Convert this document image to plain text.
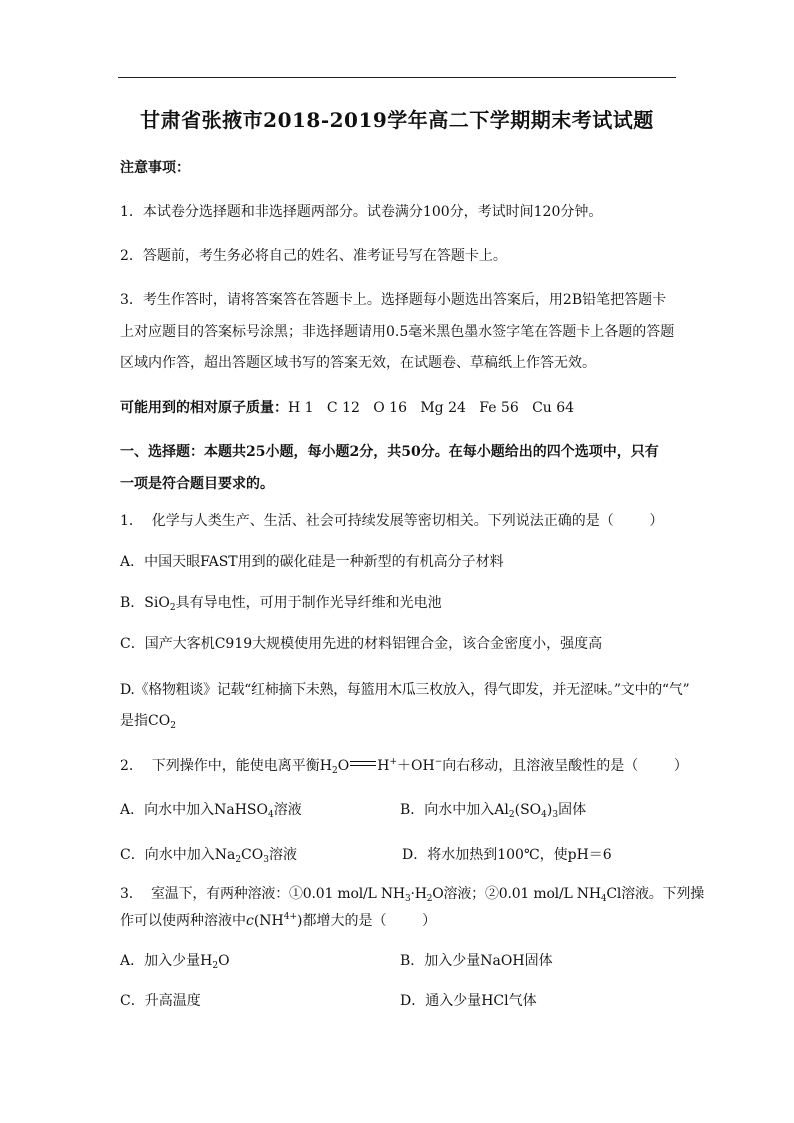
甘肃省张掖市2018-2019学年高二下学期期末考试试题
注意事项：
1．本试卷分选择题和非选择题两部分。试卷满分100分，考试时间120分钟。
2．答题前，考生务必将自己的姓名、准考证号写在答题卡上。
3．考生作答时，请将答案答在答题卡上。选择题每小题选出答案后，用2B铅笔把答题卡
上对应题目的答案标号涂黑；非选择题请用0.5毫米黑色墨水签字笔在答题卡上各题的答题
区域内作答，超出答题区域书写的答案无效，在试题卷、草稿纸上作答无效。
可能用到的相对原子质量：H 1   C 12   O 16   Mg 24   Fe 56   Cu 64
一、选择题：本题共25小题，每小题2分，共50分。在每小题给出的四个选项中，只有
一项是符合题目要求的。
1．  化学与人类生产、生活、社会可持续发展等密切相关。下列说法正确的是（        ）
A．中国天眼FAST用到的碳化硅是一种新型的有机高分子材料
B．SiO$_2$具有导电性，可用于制作光导纤维和光电池
C．国产大客机C919大规模使用先进的材料铝锂合金，该合金密度小，强度高
D.《格物粗谈》记载“红柿摘下未熟，每篮用木瓜三枚放入，得气即发，并无涩味。”文中的“气”
是指$CO_2$
2．  下列操作中，能使电离平衡$H_2O$ H+＋OH−向右移动，且溶液呈酸性的是（        ）
A．向水中加入NaHSO$_4$溶液	B．向水中加入$Al_2(SO_4)_3$固体
C．向水中加入$Na_2CO_3$溶液	D．将水加热到100℃，使pH＝6
3．  室温下，有两种溶液：①0.01 mol/L $NH_3\cdot H_2O$溶液；②0.01 mol/L $NH_4Cl$溶液。下列操
作可以使两种溶液中$c(NH^{4+})$都增大的是（        ）
A．加入少量$H_2O$	B．加入少量NaOH固体
C．升高温度	D．通入少量HCl气体
